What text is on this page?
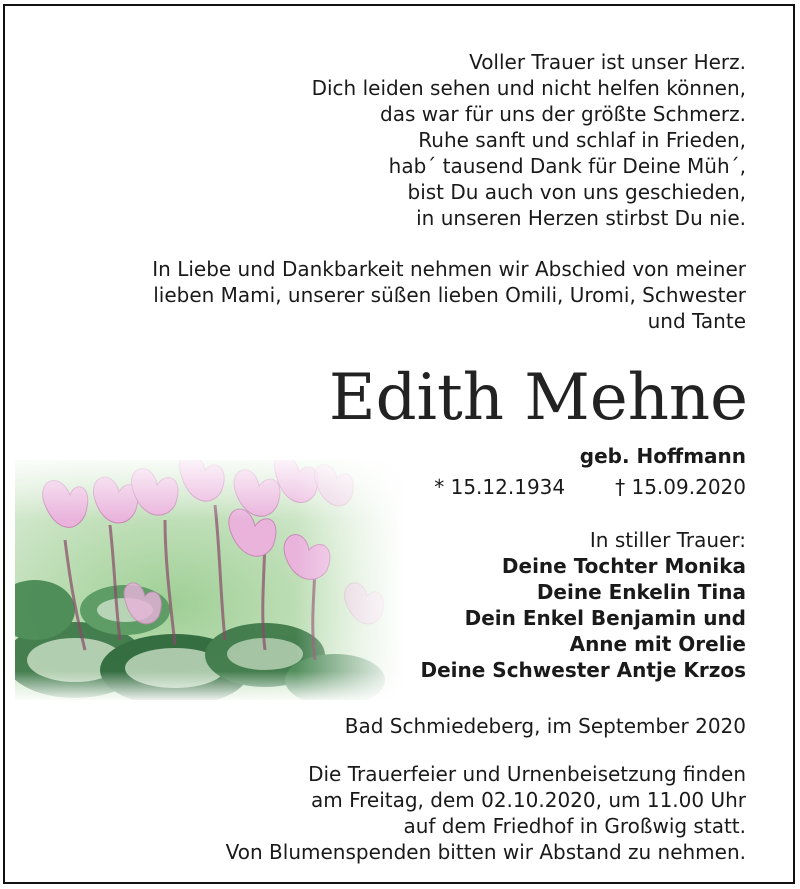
Voller Trauer ist unser Herz.
Dich leiden sehen und nicht helfen können,
das war für uns der größte Schmerz.
Ruhe sanft und schlaf in Frieden,
hab´ tausend Dank für Deine Müh´,
bist Du auch von uns geschieden,
in unseren Herzen stirbst Du nie.
In Liebe und Dankbarkeit nehmen wir Abschied von meiner
lieben Mami, unserer süßen lieben Omili, Uromi, Schwester
und Tante
Edith Mehne
geb. Hoffmann
* 15.12.1934	† 15.09.2020
In stiller Trauer:
Deine Tochter Monika
Deine Enkelin Tina
Dein Enkel Benjamin und
Anne mit Orelie
Deine Schwester Antje Krzos
Bad Schmiedeberg, im September 2020
Die Trauerfeier und Urnenbeisetzung finden
am Freitag, dem 02.10.2020, um 11.00 Uhr
auf dem Friedhof in Großwig statt.
Von Blumenspenden bitten wir Abstand zu nehmen.
